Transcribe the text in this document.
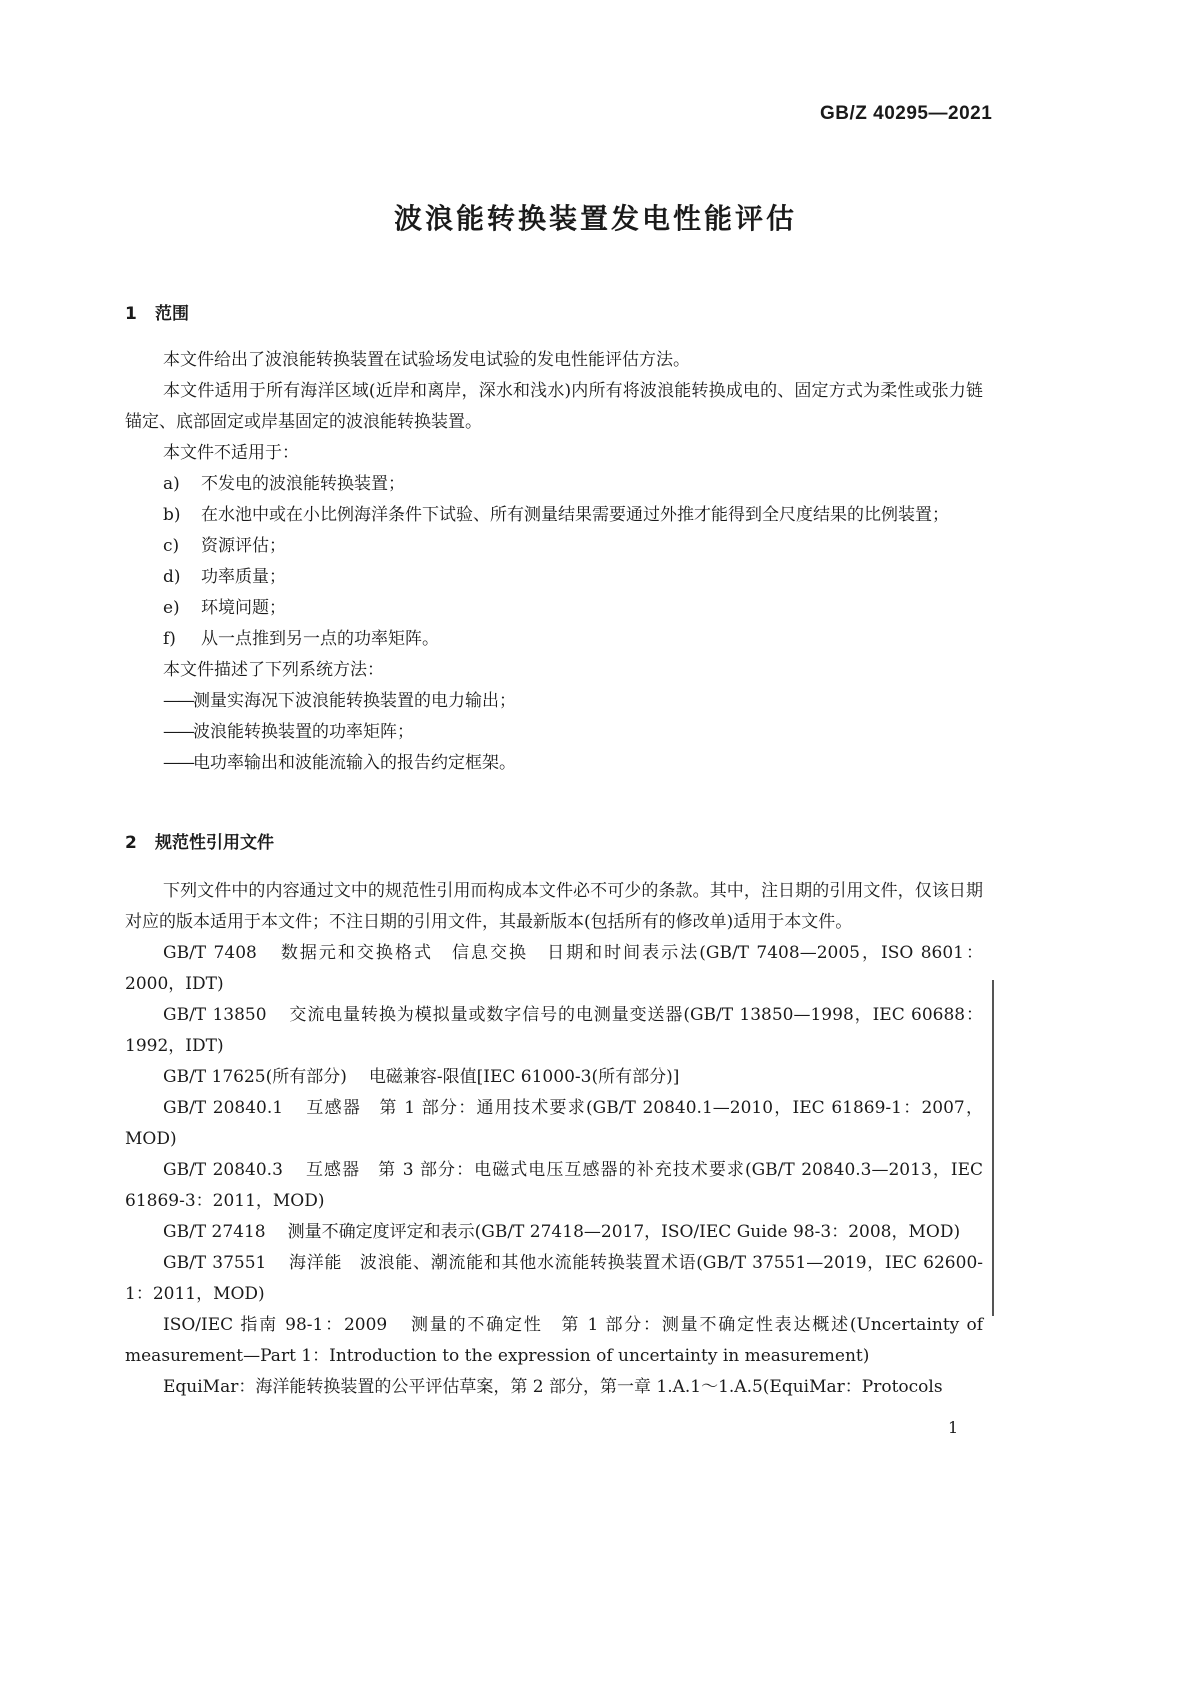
GB/Z 40295—2021
波浪能转换装置发电性能评估
1 范围

本文件给出了波浪能转换装置在试验场发电试验的发电性能评估方法。

本文件适用于所有海洋区域(近岸和离岸，深水和浅水)内所有将波浪能转换成电的、固定方式为柔性或张力链锚定、底部固定或岸基固定的波浪能转换装置。

本文件不适用于：

a)	不发电的波浪能转换装置；
b)	在水池中或在小比例海洋条件下试验、所有测量结果需要通过外推才能得到全尺度结果的比例装置；
c)	资源评估；
d)	功率质量；
e)	环境问题；
f)	从一点推到另一点的功率矩阵。

本文件描述了下列系统方法：

——测量实海况下波浪能转换装置的电力输出；

——波浪能转换装置的功率矩阵；

——电功率输出和波能流输入的报告约定框架。

2 规范性引用文件

下列文件中的内容通过文中的规范性引用而构成本文件必不可少的条款。其中，注日期的引用文件，仅该日期对应的版本适用于本文件；不注日期的引用文件，其最新版本(包括所有的修改单)适用于本文件。

GB/T 7408 数据元和交换格式　信息交换　日期和时间表示法(GB/T 7408—2005，ISO 8601：2000，IDT)

GB/T 13850 交流电量转换为模拟量或数字信号的电测量变送器(GB/T 13850—1998，IEC 60688：1992，IDT)

GB/T 17625(所有部分) 电磁兼容-限值[IEC 61000-3(所有部分)]

GB/T 20840.1 互感器　第 1 部分：通用技术要求(GB/T 20840.1—2010，IEC 61869-1：2007，MOD)

GB/T 20840.3 互感器　第 3 部分：电磁式电压互感器的补充技术要求(GB/T 20840.3—2013，IEC 61869-3：2011，MOD)

GB/T 27418 测量不确定度评定和表示(GB/T 27418—2017，ISO/IEC Guide 98-3：2008，MOD)

GB/T 37551 海洋能　波浪能、潮流能和其他水流能转换装置术语(GB/T 37551—2019，IEC 62600-1：2011，MOD)

ISO/IEC 指南 98-1：2009 测量的不确定性　第 1 部分：测量不确定性表达概述(Uncertainty of measurement—Part 1：Introduction to the expression of uncertainty in measurement)

EquiMar：海洋能转换装置的公平评估草案，第 2 部分，第一章 1.A.1～1.A.5(EquiMar：Protocols

1
